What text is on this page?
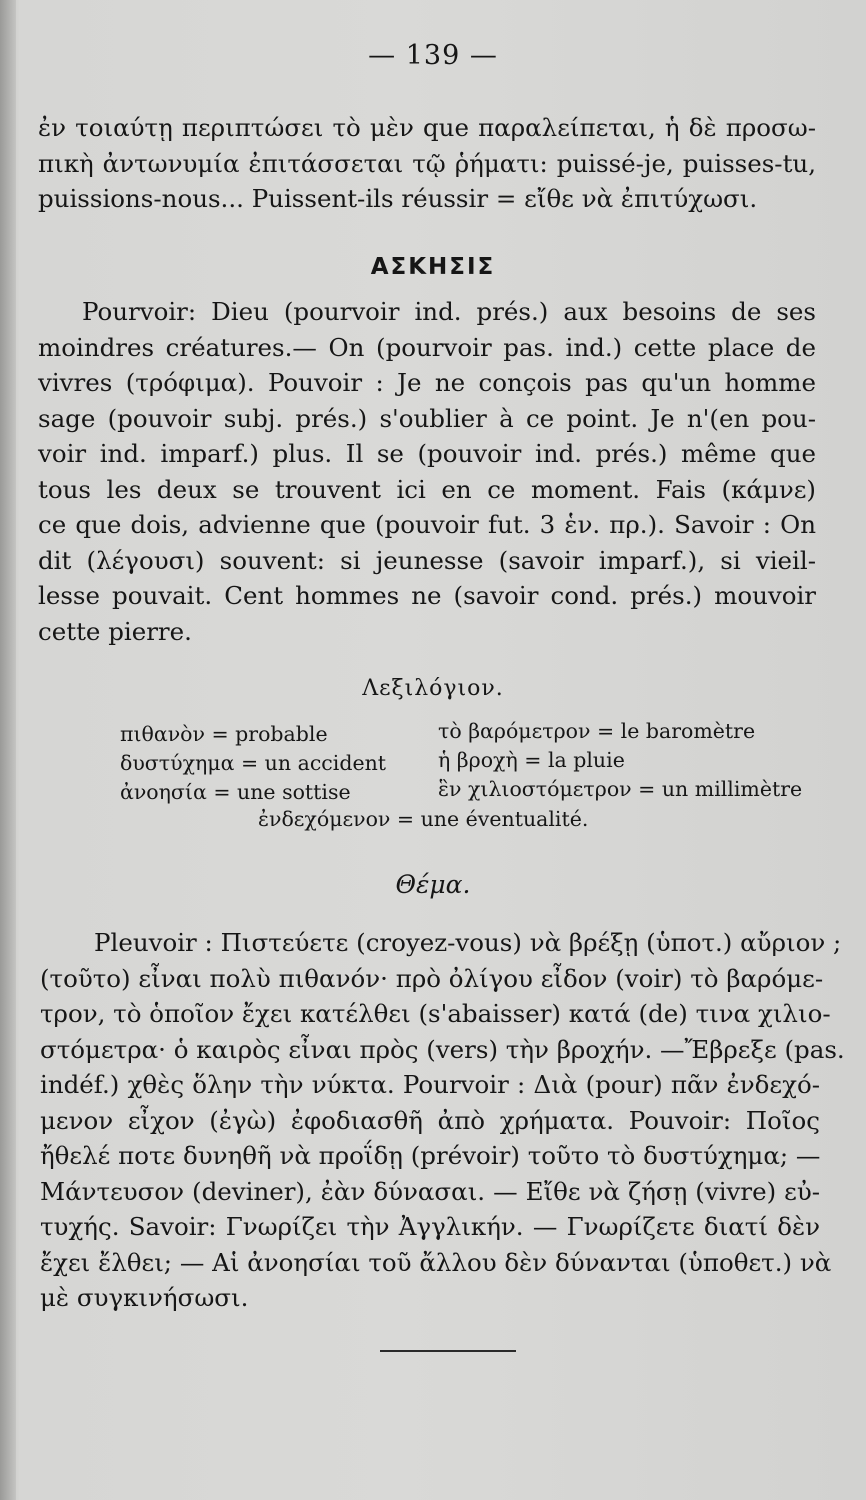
— 139 —
ἐν τοιαύτῃ περιπτώσει τὸ μὲν que παραλείπεται, ἡ δὲ προσω-
πικὴ ἀντωνυμία ἐπιτάσσεται τῷ ῥήματι: puissé-je, puisses-tu,
puissions-nous... Puissent-ils réussir = εἴθε νὰ ἐπιτύχωσι.
ΑΣΚΗΣΙΣ
Pourvoir: Dieu (pourvoir ind. prés.) aux besoins de ses
moindres créatures.— On (pourvoir pas. ind.) cette place de
vivres (τρόφιμα). Pouvoir : Je ne conçois pas qu'un homme
sage (pouvoir subj. prés.) s'oublier à ce point. Je n'(en pou-
voir ind. imparf.) plus. Il se (pouvoir ind. prés.) même que
tous les deux se trouvent ici en ce moment. Fais (κάμνε)
ce que dois, advienne que (pouvoir fut. 3 ἑν. πρ.). Savoir : On
dit (λέγουσι) souvent: si jeunesse (savoir imparf.), si vieil-
lesse pouvait. Cent hommes ne (savoir cond. prés.) mouvoir
cette pierre.
Λεξιλόγιον.
πιθανὸν = probable
δυστύχημα = un accident
ἀνοησία = une sottise
τὸ βαρόμετρον = le baromètre
ἡ βροχὴ = la pluie
ἓν χιλιοστόμετρον = un millimètre
ἐνδεχόμενον = une éventualité.
Θέμα.
Pleuvoir : Πιστεύετε (croyez-vous) νὰ βρέξῃ (ὑποτ.) αὔριον ;
(τοῦτο) εἶναι πολὺ πιθανόν· πρὸ ὀλίγου εἶδον (voir) τὸ βαρόμε-
τρον, τὸ ὁποῖον ἔχει κατέλθει (s'abaisser) κατά (de) τινα χιλιο-
στόμετρα· ὁ καιρὸς εἶναι πρὸς (vers) τὴν βροχήν. —Ἔβρεξε (pas.
indéf.) χθὲς ὅλην τὴν νύκτα. Pourvoir : Διὰ (pour) πᾶν ἐνδεχό-
μενον εἶχον (ἐγὼ) ἐφοδιασθῆ ἀπὸ χρήματα. Pouvoir: Ποῖος
ἤθελέ ποτε δυνηθῆ νὰ προΐδῃ (prévoir) τοῦτο τὸ δυστύχημα; —
Μάντευσον (deviner), ἐὰν δύνασαι. — Εἴθε νὰ ζήσῃ (vivre) εὐ-
τυχής. Savoir: Γνωρίζει τὴν Ἀγγλικήν. — Γνωρίζετε διατί δὲν
ἔχει ἔλθει; — Αἱ ἀνοησίαι τοῦ ἄλλου δὲν δύνανται (ὑποθετ.) νὰ
μὲ συγκινήσωσι.
